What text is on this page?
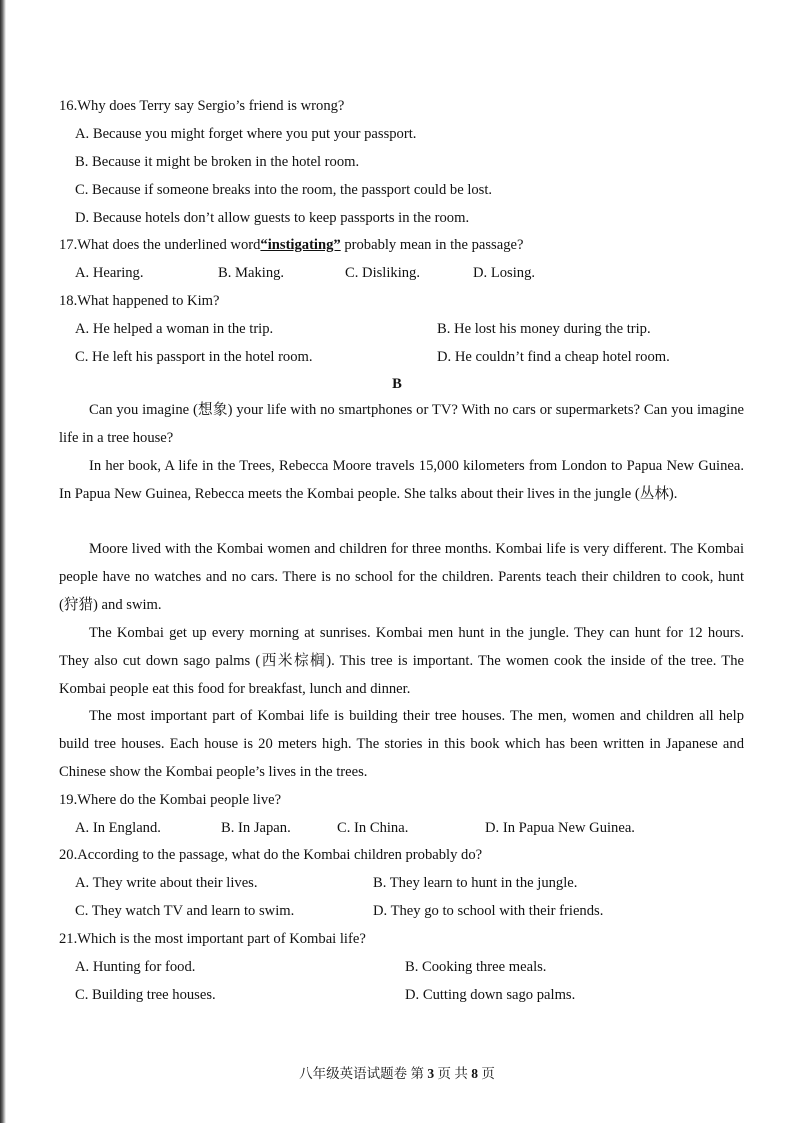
16.Why does Terry say Sergio’s friend is wrong?
A. Because you might forget where you put your passport.
B. Because it might be broken in the hotel room.
C. Because if someone breaks into the room, the passport could be lost.
D. Because hotels don’t allow guests to keep passports in the room.
17.What does the underlined word“instigating” probably mean in the passage?
A. Hearing.	B. Making.	C. Disliking.	D. Losing.
18.What happened to Kim?
A. He helped a woman in the trip.	B. He lost his money during the trip.
C. He left his passport in the hotel room.	D. He couldn’t find a cheap hotel room.
B
Can you imagine (想象) your life with no smartphones or TV? With no cars or supermarkets? Can you imagine life in a tree house?
In her book, A life in the Trees, Rebecca Moore travels 15,000 kilometers from London to Papua New Guinea. In Papua New Guinea, Rebecca meets the Kombai people. She talks about their lives in the jungle (丛林).
Moore lived with the Kombai women and children for three months. Kombai life is very different. The Kombai people have no watches and no cars. There is no school for the children. Parents teach their children to cook, hunt (狩猎) and swim.
The Kombai get up every morning at sunrises. Kombai men hunt in the jungle. They can hunt for 12 hours. They also cut down sago palms (西米棕榈). This tree is important. The women cook the inside of the tree. The Kombai people eat this food for breakfast, lunch and dinner.
The most important part of Kombai life is building their tree houses. The men, women and children all help build tree houses. Each house is 20 meters high. The stories in this book which has been written in Japanese and Chinese show the Kombai people’s lives in the trees.
19.Where do the Kombai people live?
A. In England.	B. In Japan.	C. In China.	D. In Papua New Guinea.
20.According to the passage, what do the Kombai children probably do?
A. They write about their lives.	B. They learn to hunt in the jungle.
C. They watch TV and learn to swim.	D. They go to school with their friends.
21.Which is the most important part of Kombai life?
A. Hunting for food.	B. Cooking three meals.
C. Building tree houses.	D. Cutting down sago palms.
八年级英语试题卷 第 3 页 共 8 页
